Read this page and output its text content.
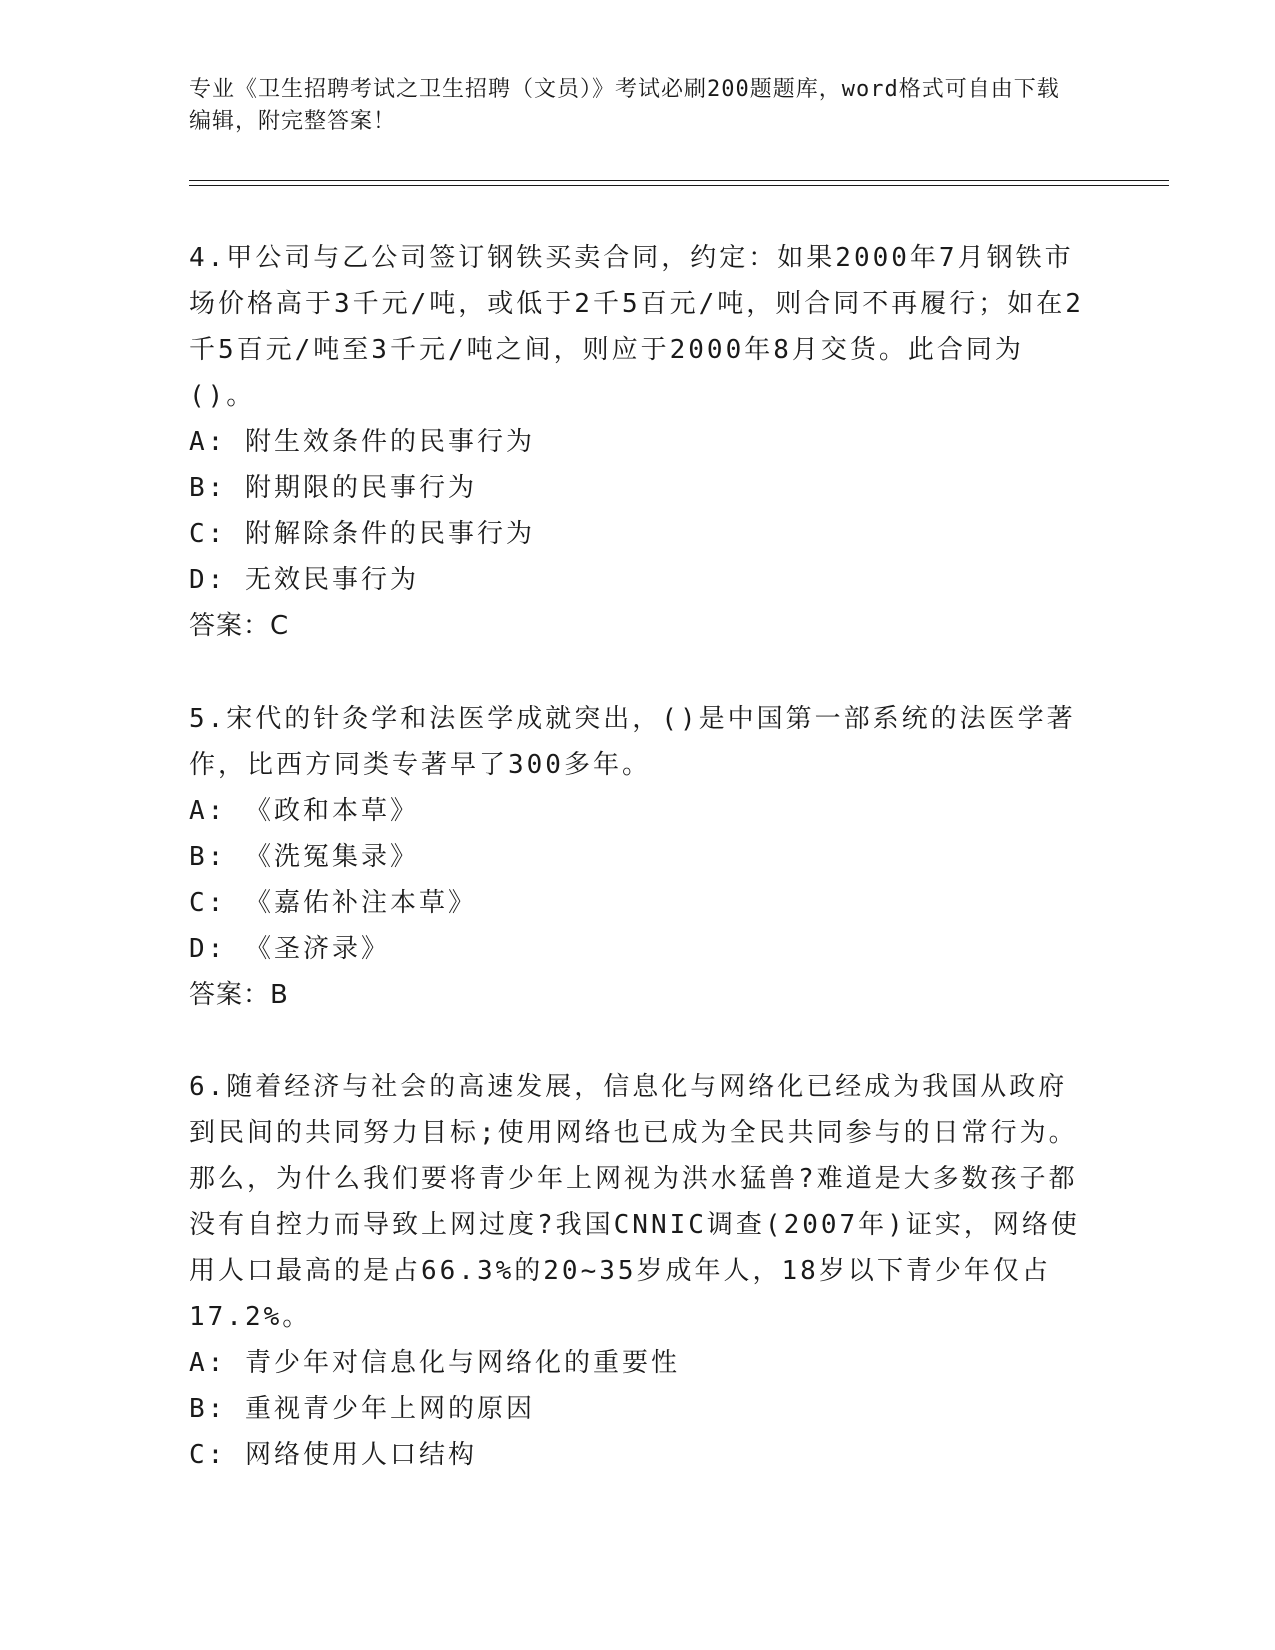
专业《卫生招聘考试之卫生招聘（文员）》考试必刷200题题库，word格式可自由下载编辑，附完整答案！

4.甲公司与乙公司签订钢铁买卖合同，约定：如果2000年7月钢铁市场价格高于3千元/吨，或低于2千5百元/吨，则合同不再履行；如在2千5百元/吨至3千元/吨之间，则应于2000年8月交货。此合同为()。

A: 附生效条件的民事行为

B: 附期限的民事行为

C: 附解除条件的民事行为

D: 无效民事行为

答案：C

5.宋代的针灸学和法医学成就突出，()是中国第一部系统的法医学著作，比西方同类专著早了300多年。

A: 《政和本草》

B: 《洗冤集录》

C: 《嘉佑补注本草》

D: 《圣济录》

答案：B

6.随着经济与社会的高速发展，信息化与网络化已经成为我国从政府到民间的共同努力目标;使用网络也已成为全民共同参与的日常行为。那么，为什么我们要将青少年上网视为洪水猛兽?难道是大多数孩子都没有自控力而导致上网过度?我国CNNIC调查(2007年)证实，网络使用人口最高的是占66.3%的20~35岁成年人，18岁以下青少年仅占17.2%。

A: 青少年对信息化与网络化的重要性

B: 重视青少年上网的原因

C: 网络使用人口结构
